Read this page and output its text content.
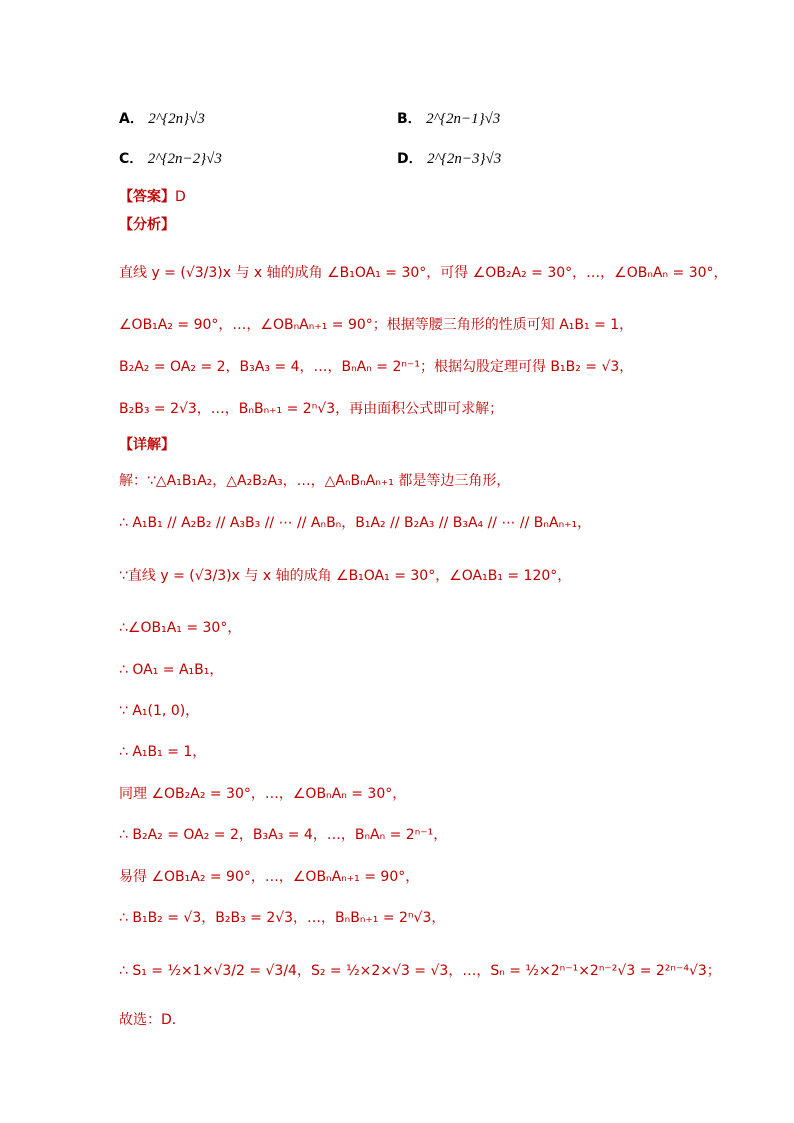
A． 2^{2n}√3	B． 2^{2n−1}√3
C． 2^{2n−2}√3	D． 2^{2n−3}√3
【答案】D
【分析】
直线 y = (√3/3)x 与 x 轴的成角 ∠B₁OA₁ = 30°，可得 ∠OB₂A₂ = 30°，…，∠OBₙAₙ = 30°，
∠OB₁A₂ = 90°，…，∠OBₙAₙ₊₁ = 90°；根据等腰三角形的性质可知 A₁B₁ = 1，
B₂A₂ = OA₂ = 2，B₃A₃ = 4，…，BₙAₙ = 2ⁿ⁻¹；根据勾股定理可得 B₁B₂ = √3，
B₂B₃ = 2√3，…，BₙBₙ₊₁ = 2ⁿ√3，再由面积公式即可求解；
【详解】
解：∵△A₁B₁A₂，△A₂B₂A₃，…，△AₙBₙAₙ₊₁ 都是等边三角形，
∴ A₁B₁ // A₂B₂ // A₃B₃ // ⋯ // AₙBₙ，B₁A₂ // B₂A₃ // B₃A₄ // ⋯ // BₙAₙ₊₁，
∵直线 y = (√3/3)x 与 x 轴的成角 ∠B₁OA₁ = 30°，∠OA₁B₁ = 120°，
∴∠OB₁A₁ = 30°，
∴ OA₁ = A₁B₁，
∵ A₁(1, 0)，
∴ A₁B₁ = 1，
同理 ∠OB₂A₂ = 30°，…，∠OBₙAₙ = 30°，
∴ B₂A₂ = OA₂ = 2，B₃A₃ = 4，…，BₙAₙ = 2ⁿ⁻¹，
易得 ∠OB₁A₂ = 90°，…，∠OBₙAₙ₊₁ = 90°，
∴ B₁B₂ = √3，B₂B₃ = 2√3，…，BₙBₙ₊₁ = 2ⁿ√3，
∴ S₁ = ½×1×√3/2 = √3/4，S₂ = ½×2×√3 = √3，…，Sₙ = ½×2ⁿ⁻¹×2ⁿ⁻²√3 = 2²ⁿ⁻⁴√3；
故选：D．
